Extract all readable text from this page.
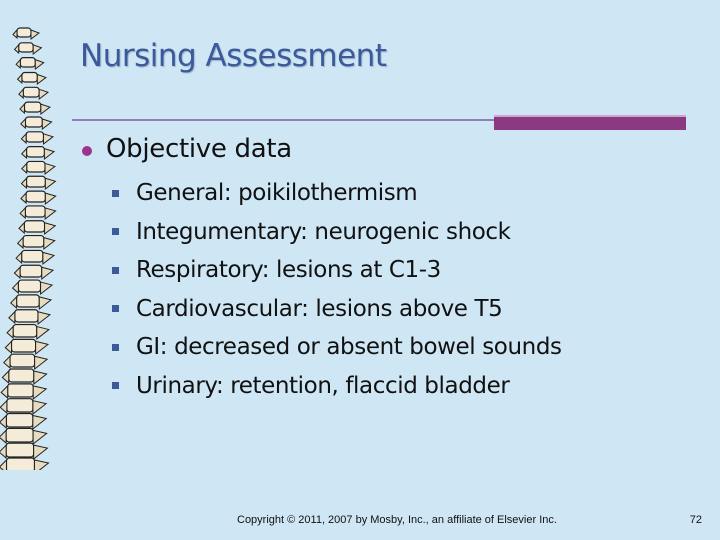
Nursing Assessment
Objective data
General: poikilothermism
Integumentary: neurogenic shock
Respiratory: lesions at C1-3
Cardiovascular: lesions above T5
GI: decreased or absent bowel sounds
Urinary: retention, flaccid bladder
Copyright © 2011, 2007 by Mosby, Inc., an affiliate of Elsevier Inc.	72
